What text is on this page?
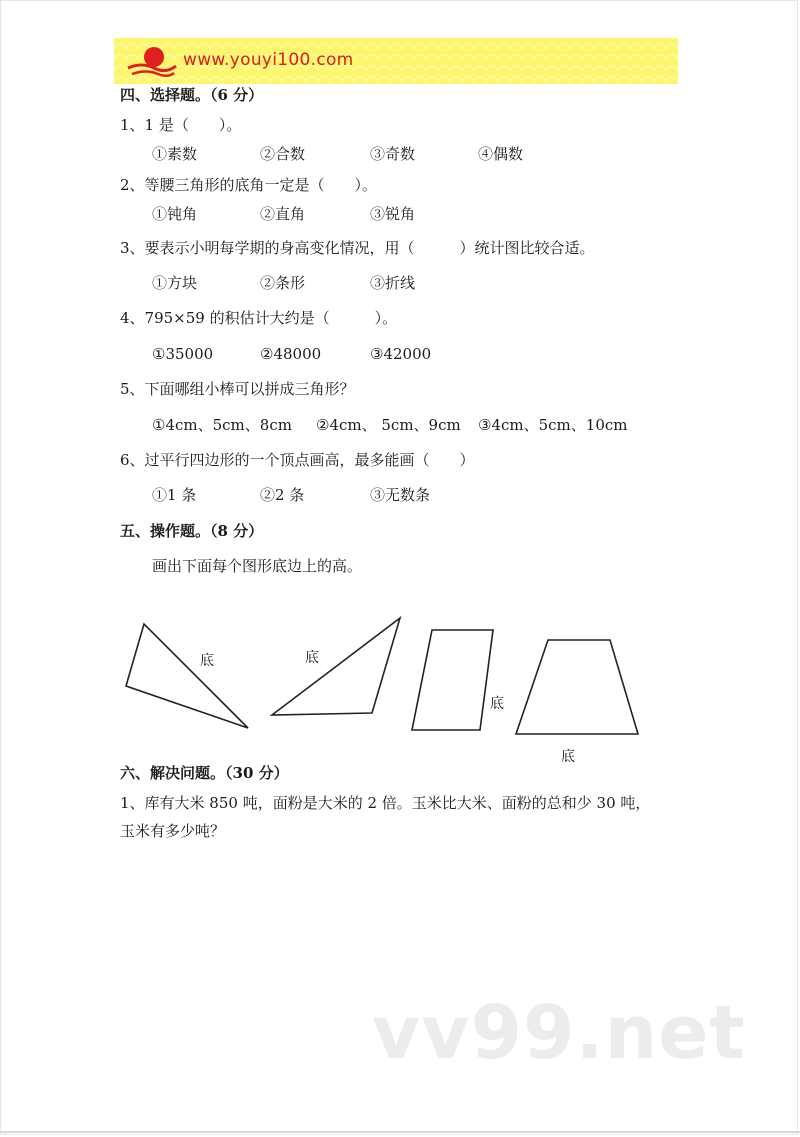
www.youyi100.com
四、选择题。（6 分）
1、1 是（　　）。
①素数	②合数	③奇数	④偶数
2、等腰三角形的底角一定是（　　）。
①钝角	②直角	③锐角
3、要表示小明每学期的身高变化情况，用（　　　）统计图比较合适。
①方块	②条形	③折线
4、795×59 的积估计大约是（　　　）。
①35000	②48000	③42000
5、下面哪组小棒可以拼成三角形？
①4cm、5cm、8cm ②4cm、 5cm、9cm ③4cm、5cm、10cm
6、过平行四边形的一个顶点画高，最多能画（　　）
①1 条	②2 条	③无数条
五、操作题。（8 分）
画出下面每个图形底边上的高。
底	底
底
底
六、解决问题。（30 分）
1、库有大米 850 吨，面粉是大米的 2 倍。玉米比大米、面粉的总和少 30 吨，
玉米有多少吨？
vv99.net
